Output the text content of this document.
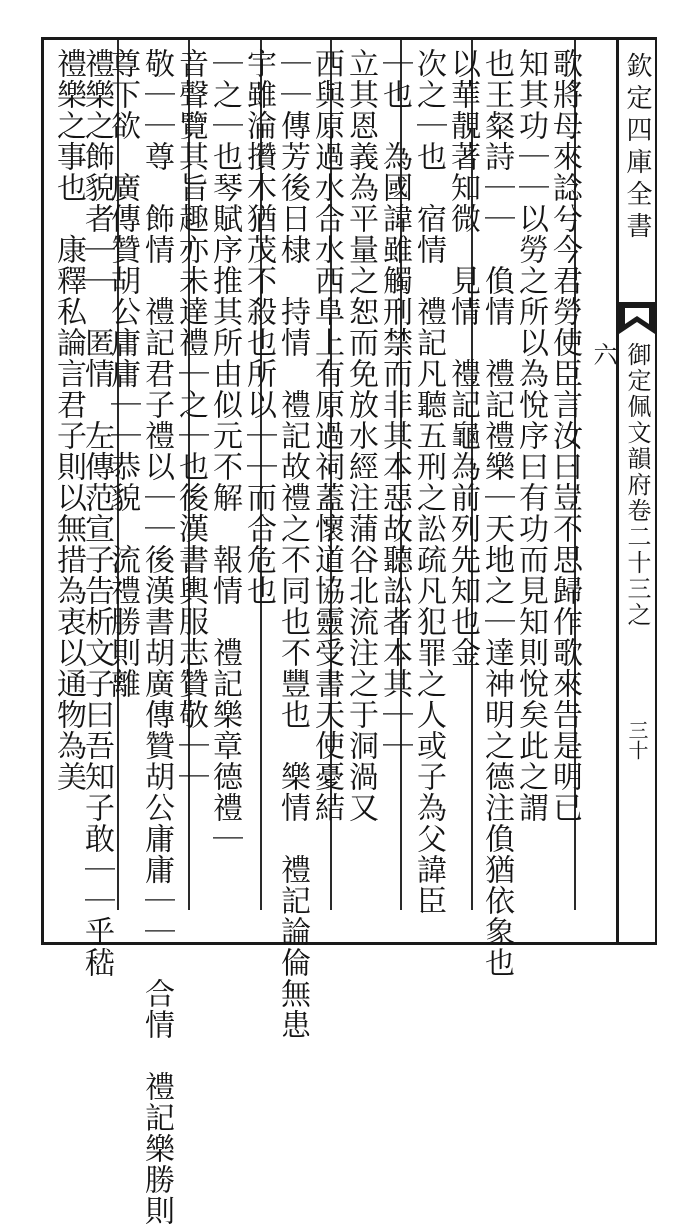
歌將母來諗兮今君勞使臣言汝曰豈不思歸作歌來告是明已
知其功｜｜以勞之所以為悅序曰有功而見知則悅矣此之謂
也王粲詩｜｜　偩情　禮記禮樂｜天地之｜達神明之德注偩猶依象也
以華靚著知微　見情　禮記龜為前列先知也金
次之｜也　宿情　禮記凡聽五刑之訟疏凡犯罪之人或子為父諱臣
｜也　為國諱雖觸刑禁而非其本惡故聽訟者本其｜｜
立其恩義為平量之恕而免放水經注蒲谷北流注之于洞渦又
西與原過水合水西阜上有原過祠蓋懷道協靈受書天使憂結
｜｜傳芳後日棣　持情　禮記故禮之不同也不豐也　樂情　禮記論倫無患
宇雖淪攢木猶茂不殺也所以｜｜而合危也
｜之｜也琴賦序推其所由似元不解　報情　禮記樂章德禮｜
音聲覽其旨趣亦未達禮｜之｜也後漢書輿服志贊敬｜｜
敬｜｜尊　飾情　禮記君子禮以｜｜後漢書胡廣傳贊胡公庸庸｜｜　合情　禮記樂勝則
尊下欲　廣傳贊胡公庸庸｜｜恭貌　流禮勝則離
禮樂之飾貌者｜｜　匿情　左傳范宣子告析文子曰吾知子敢｜｜乎嵇
禮樂之事也　康釋私論言君子則以無措為衷以通物為美	欽定四庫全書
御定佩文韻府卷二十三之六
三十
